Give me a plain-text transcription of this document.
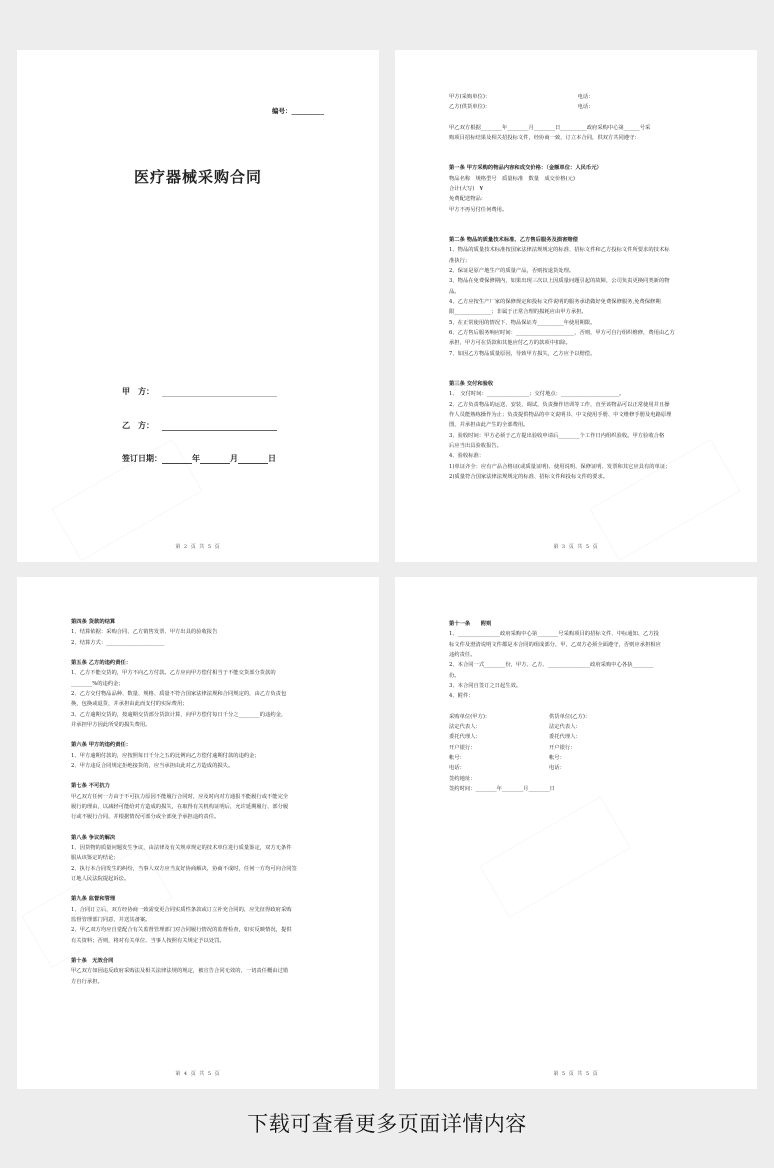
编号：__________
医疗器械采购合同
甲　方：
乙　方：
签订日期：	年	月	日
第 2 页 共 5 页

甲方(采购单位)：　　　　　　　　　　　　　　　　　电话：

乙方(供货单位)：　　　　　　　　　　　　　　　　　电话：

甲乙双方根据________年________月________日__________政府采购中心第______号采

购项目招标结果及相关招投标文件，经协商一致，订立本合同，供双方共同遵守：

第一条 甲方采购的物品内容和成交价格：（金额单位：人民币元）

物品名称　规格型号　质量标准　数量　成交价格(元)

合计(大写)　¥

免费配送物品：

甲方不再另付任何费用。

第二条 物品的质量技术标准、乙方售后服务及损害赔偿

1、物品的质量技术标准按国家法律法规规定的标准、招标文件和乙方投标文件所要求的技术标

准执行；

2、保证是原产地生产的质量产品，否则按退货处理。

3、物品在免费保修期内，如果出现三次以上因质量问题引起的故障，公司负责更换同类新的物

品。

4、乙方应按生产厂家的保修规定和投标文件说明的服务承诺做好免费保修服务,免费保修期

限______________；非属于正常合理的损耗应由甲方承担。

5、在正常使用的情况下，物品保证寿__________年使用期限。

6、乙方售后服务响应时间：______________________，否则，甲方可自行组织维修，费用由乙方

承担，甲方可在货款和其他应付乙方的款项中扣除。

7、如因乙方物品质量原因，导致甲方损失，乙方应予以赔偿。

第三条 交付和验收

1、　交付时间：________________；交付地点：______________________。

2、乙方负责物品的运送、安装、调试，负责操作培训等工作，直至该物品可以正常使用并且操

作人员能熟练操作为止；负责提供物品的中文说明书、中文使用手册、中文维修手册及电路原理

图，并承担由此产生的全部费用。

3、验收时间：甲方必须于乙方提出验收申请后________个工作日内组织验收。甲方验收合格

后应当出具验收报告。

4、验收标准：

1)单证齐全：应有产品合格证(或质量证明)、使用说明、保修证明、发票和其它应具有的单证；

2)质量符合国家法律法规规定的标准、招标文件和投标文件的要求。

第 3 页 共 5 页

第四条 货款的结算

1、结算依据：采购合同、乙方销售发票、甲方出具的验收报告

2、结算方式：______________________

第五条 乙方的违约责任：

1、乙方不能交货的，甲方不向乙方付款。乙方应向甲方偿付相当于不能交货部分货款的

________%的违约金；

2、乙方交付物品品种、数量、规格、质量不符合国家法律法规和合同规定的，由乙方负责包

换，包换或退货，并承担由此而支付的实际费用；

3、乙方逾期交货的，按逾期交货部分货款计算，向甲方偿付每日千分之________的违约金，

并承担甲方因此所受的损失费用。

第六条 甲方的违约责任：

1、甲方逾期付款的，应按照每日千分之五的比例向乙方偿付逾期付款的违约金；

2、甲方违反合同规定拒绝接货的，应当承担由此对乙方造成的损失。

第七条 不可抗力

甲乙双方任何一方由于不可抗力原因不能履行合同时，应及时向对方通报不能履行或不能完全

履行的理由，以减轻可能给对方造成的损失，在取得有关机构证明后，允许延期履行、部分履

行或不履行合同，并根据情况可部分或全部免予承担违约责任。

第八条 争议的解决

1、因货物的质量问题发生争议，由法律及有关规章规定的技术单位进行质量鉴定，双方无条件

服从该鉴定的结论；

2、执行本合同发生的纠纷，当事人双方应当友好协商解决，协商不成时，任何一方均可向合同签

订地人民法院提起诉讼。

第九条 监督和管理

1、合同订立后，双方经协商一致需变更合同实质性条款或订立补充合同的，应先征得政府采购

监督管理部门同意，并送其备案。

2、甲乙双方均应自觉配合有关监督管理部门对合同履行情况的监督检查，如实反映情况，提供

有关资料；否则，将对有关单位、当事人按照有关规定予以处罚。

第十条　无效合同

甲乙双方如因违反政府采购法及相关法律法规的规定，被宣告合同无效的，一切责任概由过错

方自行承担。

第 4 页 共 5 页

第十一条　　附则

1、________________政府采购中心第________号采购项目的招标文件、中标通知、乙方投

标文件及澄清说明文件都是本合同的组成部分，甲、乙双方必须全面遵守，否则应承担相应

违约责任。

2、本合同一式________份，甲方、乙方、________________政府采购中心各执________

份。

3、本合同自签订之日起生效。

4、附件：

采购单位(甲方)：	供货单位(乙方)：
法定代表人：	法定代表人：
委托代理人：	委托代理人：
开户银行：	开户银行：
帐号：	帐号：
电话：	电话：
签约地址：
签约时间：________年________月________日
第 5 页 共 5 页
下载可查看更多页面详情内容
